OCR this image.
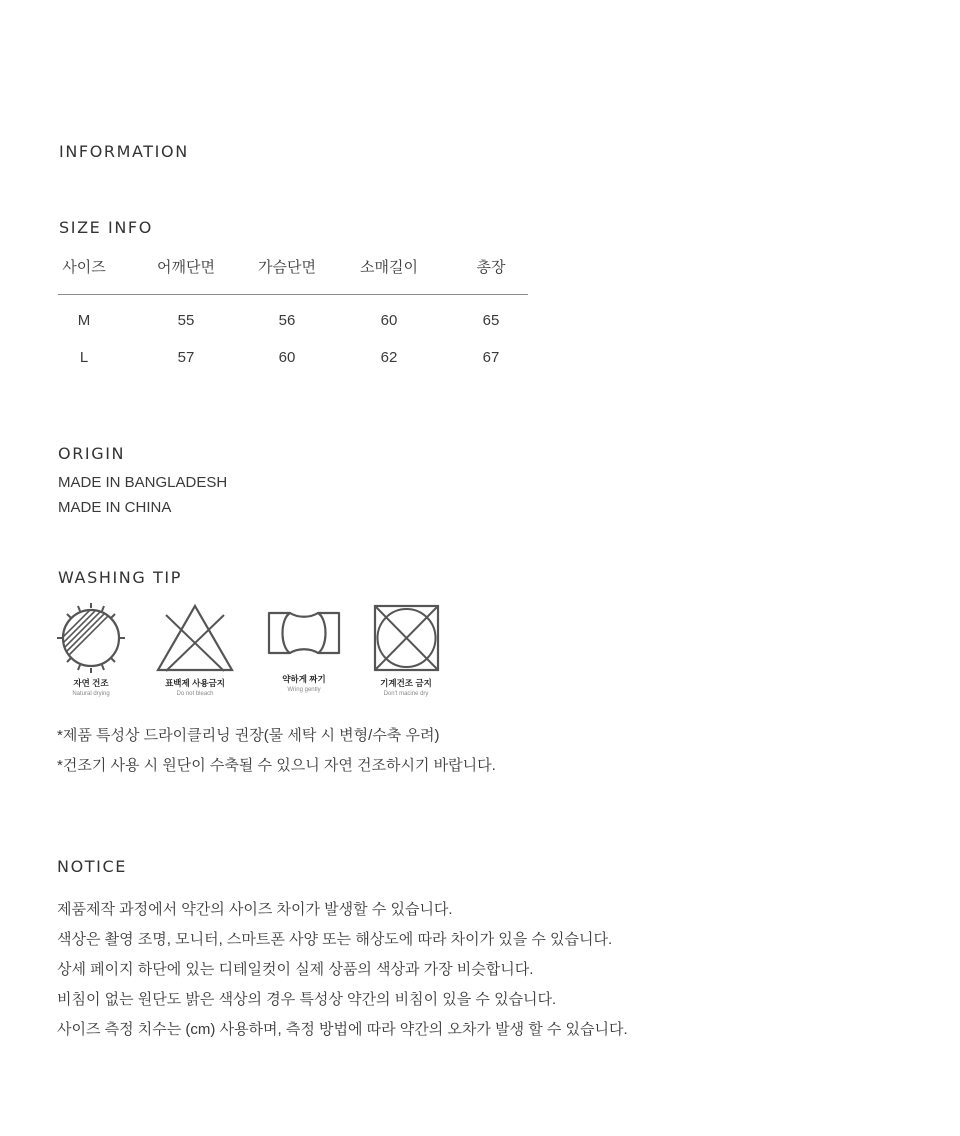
INFORMATION
SIZE INFO
사이즈	어깨단면	가슴단면	소매길이	총장
M	55	56	60	65
L	57	60	62	67
ORIGIN
MADE IN BANGLADESH
MADE IN CHINA
WASHING TIP
자연 건조
Natural drying
표백제 사용금지
Do not bleach
약하게 짜기
Wring gently
기계건조 금지
Don't macine dry
*제품 특성상 드라이클리닝 권장(물 세탁 시 변형/수축 우려)
*건조기 사용 시 원단이 수축될 수 있으니 자연 건조하시기 바랍니다.
NOTICE
제품제작 과정에서 약간의 사이즈 차이가 발생할 수 있습니다.
색상은 촬영 조명, 모니터, 스마트폰 사양 또는 해상도에 따라 차이가 있을 수 있습니다.
상세 페이지 하단에 있는 디테일컷이 실제 상품의 색상과 가장 비슷합니다.
비침이 없는 원단도 밝은 색상의 경우 특성상 약간의 비침이 있을 수 있습니다.
사이즈 측정 치수는 (cm) 사용하며, 측정 방법에 따라 약간의 오차가 발생 할 수 있습니다.
